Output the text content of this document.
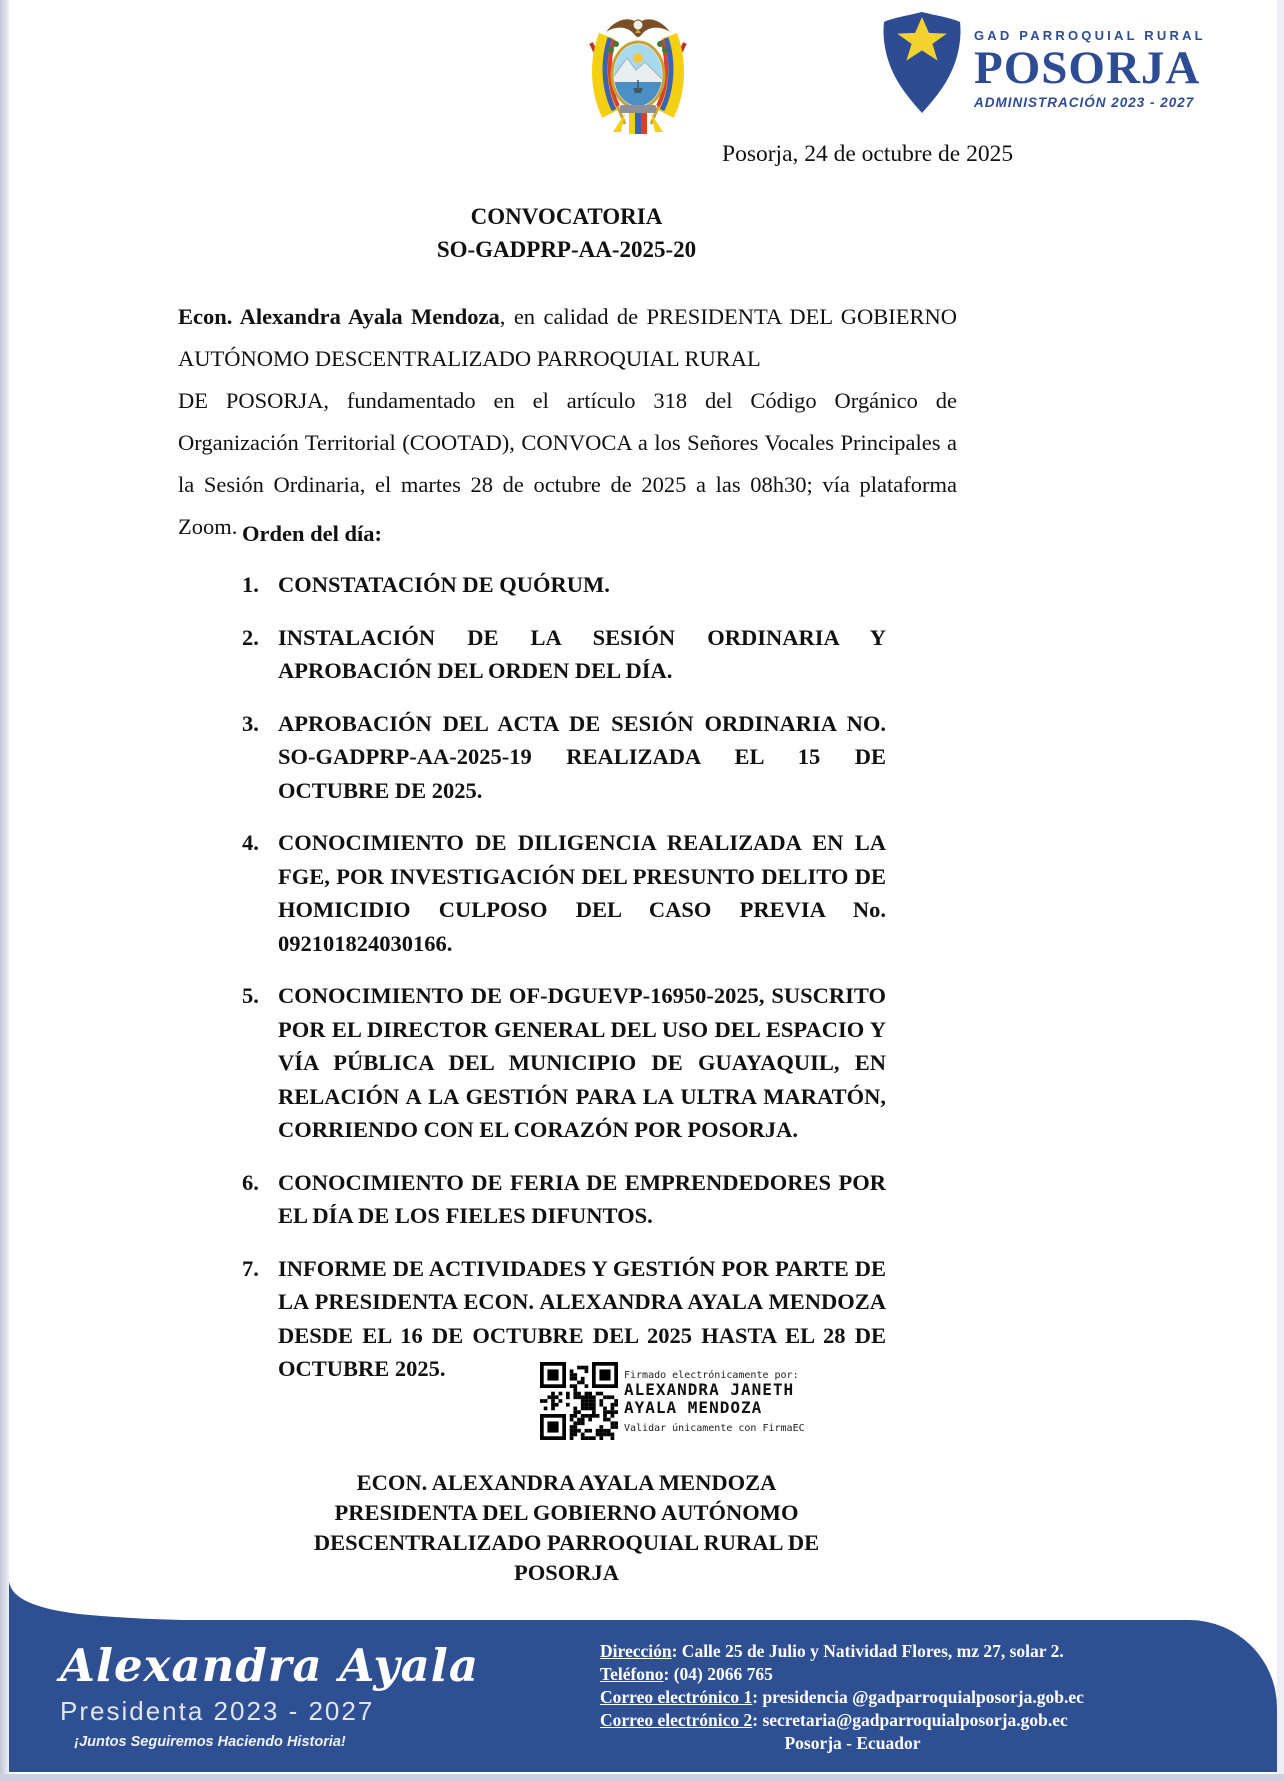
GAD PARROQUIAL RURAL
POSORJA
ADMINISTRACIÓN 2023 - 2027
Posorja, 24 de octubre de 2025
CONVOCATORIA
SO-GADPRP-AA-2025-20

Econ. Alexandra Ayala Mendoza, en calidad de PRESIDENTA DEL GOBIERNO AUTÓNOMO DESCENTRALIZADO PARROQUIAL RURAL
DE POSORJA, fundamentado en el artículo 318 del Código Orgánico de Organización Territorial (COOTAD), CONVOCA a los Señores Vocales Principales a la Sesión Ordinaria, el martes 28 de octubre de 2025 a las 08h30; vía plataforma Zoom. Orden del día:
CONSTATACIÓN DE QUÓRUM.
INSTALACIÓN DE LA SESIÓN ORDINARIA Y APROBACIÓN DEL ORDEN DEL DÍA.
APROBACIÓN DEL ACTA DE SESIÓN ORDINARIA NO. SO-GADPRP-AA-2025-19 REALIZADA EL 15 DE OCTUBRE DE 2025.
CONOCIMIENTO DE DILIGENCIA REALIZADA EN LA FGE, POR INVESTIGACIÓN DEL PRESUNTO DELITO DE HOMICIDIO CULPOSO DEL CASO PREVIA No. 092101824030166.
CONOCIMIENTO DE OF-DGUEVP-16950-2025, SUSCRITO POR EL DIRECTOR GENERAL DEL USO DEL ESPACIO Y VÍA PÚBLICA DEL MUNICIPIO DE GUAYAQUIL, EN RELACIÓN A LA GESTIÓN PARA LA ULTRA MARATÓN, CORRIENDO CON EL CORAZÓN POR POSORJA.
CONOCIMIENTO DE FERIA DE EMPRENDEDORES POR EL DÍA DE LOS FIELES DIFUNTOS.
INFORME DE ACTIVIDADES Y GESTIÓN POR PARTE DE LA PRESIDENTA ECON. ALEXANDRA AYALA MENDOZA DESDE EL 16 DE OCTUBRE DEL 2025 HASTA EL 28 DE OCTUBRE 2025.	Firmado electrónicamente por:
ALEXANDRA JANETH
AYALA MENDOZA
Validar únicamente con FirmaEC
ECON. ALEXANDRA AYALA MENDOZA
PRESIDENTA DEL GOBIERNO AUTÓNOMO
DESCENTRALIZADO PARROQUIAL RURAL DE
POSORJA
Alexandra Ayala
Presidenta 2023 - 2027
¡Juntos Seguiremos Haciendo Historia!
Dirección: Calle 25 de Julio y Natividad Flores, mz 27, solar 2.
Teléfono: (04) 2066 765
Correo electrónico 1: presidencia @gadparroquialposorja.gob.ec
Correo electrónico 2: secretaria@gadparroquialposorja.gob.ec
Posorja - Ecuador
